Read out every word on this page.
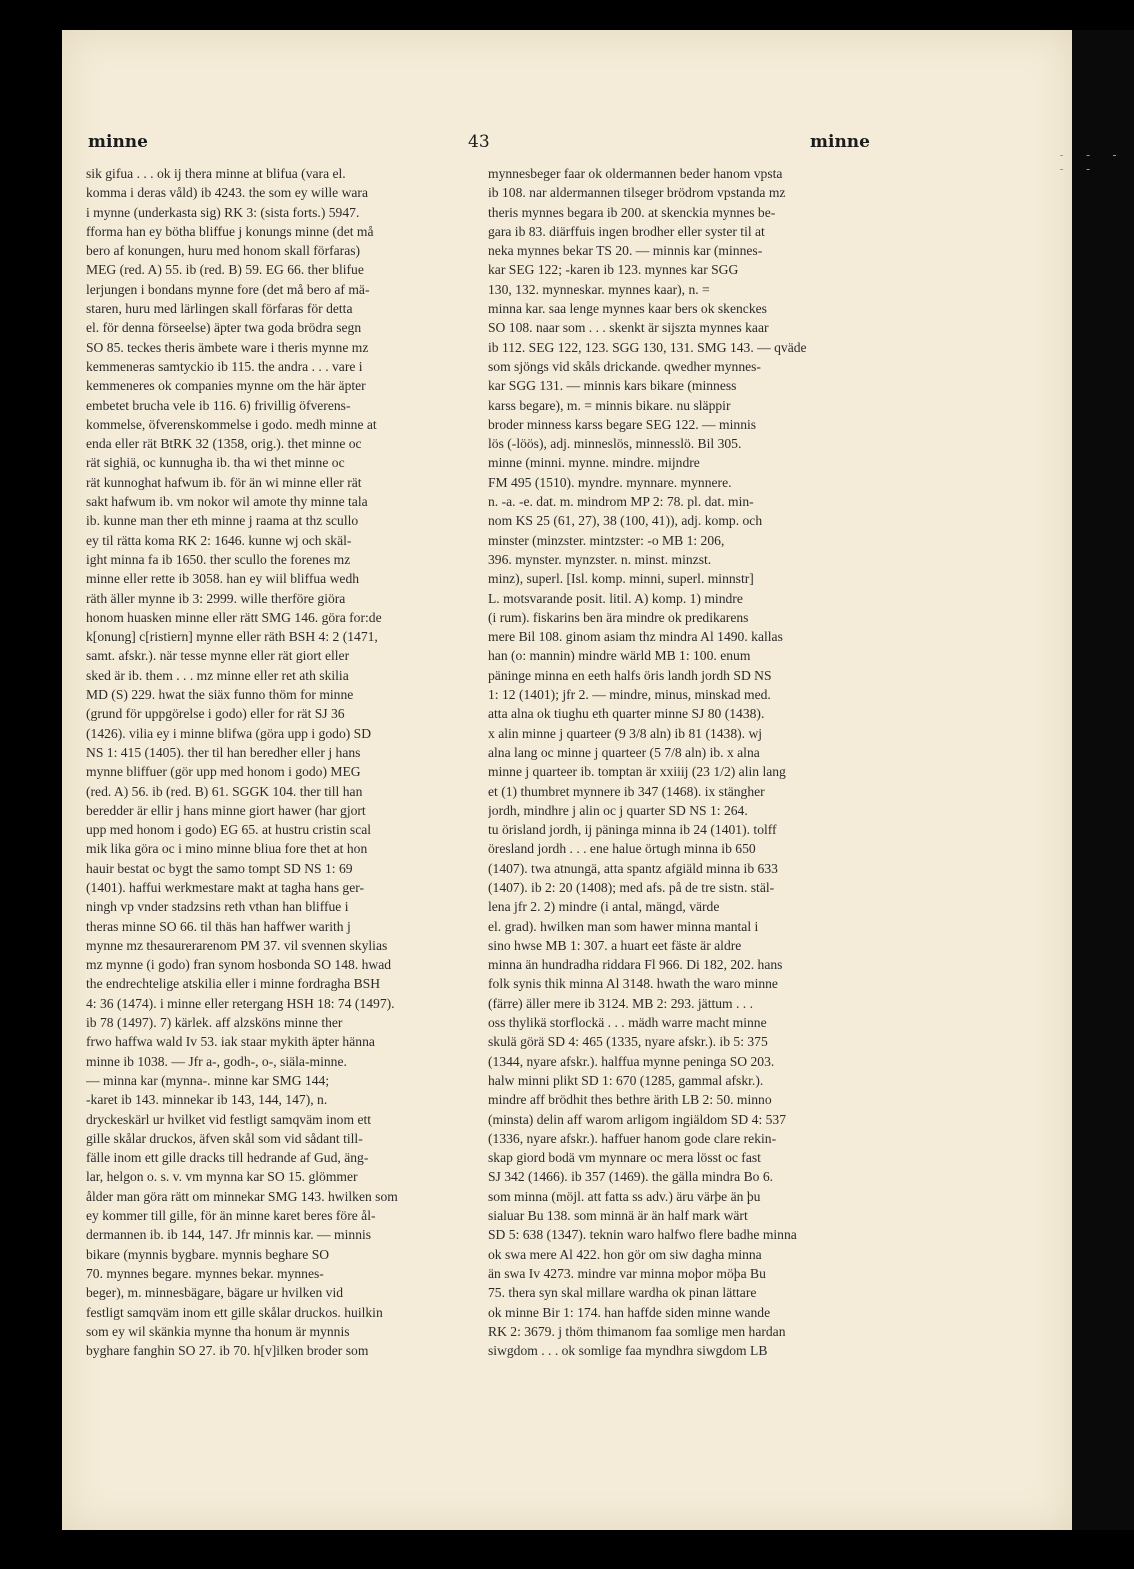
- - - - -
minne	43	minne
sik gifua . . . ok ij thera minne at blifua (vara el.
komma i deras våld) ib 4243. the som ey wille wara
i mynne (underkasta sig) RK 3: (sista forts.) 5947.
fforma han ey bötha bliffue j konungs minne (det må
bero af konungen, huru med honom skall förfaras)
MEG (red. A) 55. ib (red. B) 59. EG 66. ther blifue
lerjungen i bondans mynne fore (det må bero af mä-
staren, huru med lärlingen skall förfaras för detta
el. för denna förseelse) äpter twa goda brödra segn
SO 85. teckes theris ämbete ware i theris mynne mz
kemmeneras samtyckio ib 115. the andra . . . vare i
kemmeneres ok companies mynne om the här äpter
embetet brucha vele ib 116. 6) frivillig öfverens-
kommelse, öfverenskommelse i godo. medh minne at
enda eller rät BtRK 32 (1358, orig.). thet minne oc
rät sighiä, oc kunnugha ib. tha wi thet minne oc
rät kunnoghat hafwum ib. för än wi minne eller rät
sakt hafwum ib. vm nokor wil amote thy minne tala
ib. kunne man ther eth minne j raama at thz scullo
ey til rätta koma RK 2: 1646. kunne wj och skäl-
ight minna fa ib 1650. ther scullo the forenes mz
minne eller rette ib 3058. han ey wiil bliffua wedh
räth äller mynne ib 3: 2999. wille therföre giöra
honom huasken minne eller rätt SMG 146. göra for:de
k[onung] c[ristiern] mynne eller räth BSH 4: 2 (1471,
samt. afskr.). när tesse mynne eller rät giort eller
sked är ib. them . . . mz minne eller ret ath skilia
MD (S) 229. hwat the siäx funno thöm for minne
(grund för uppgörelse i godo) eller for rät SJ 36
(1426). vilia ey i minne blifwa (göra upp i godo) SD
NS 1: 415 (1405). ther til han beredher eller j hans
mynne bliffuer (gör upp med honom i godo) MEG
(red. A) 56. ib (red. B) 61. SGGK 104. ther till han
beredder är ellir j hans minne giort hawer (har gjort
upp med honom i godo) EG 65. at hustru cristin scal
mik lika göra oc i mino minne bliua fore thet at hon
hauir bestat oc bygt the samo tompt SD NS 1: 69
(1401). haffui werkmestare makt at tagha hans ger-
ningh vp vnder stadzsins reth vthan han bliffue i
theras minne SO 66. til thäs han haffwer warith j
mynne mz thesaurerarenom PM 37. vil svennen skylias
mz mynne (i godo) fran synom hosbonda SO 148. hwad
the endrechtelige atskilia eller i minne fordragha BSH
4: 36 (1474). i minne eller retergang HSH 18: 74 (1497).
ib 78 (1497). 7) kärlek. aff alzsköns minne ther
frwo haffwa wald Iv 53. iak staar mykith äpter hänna
minne ib 1038. — Jfr a-, godh-, o-, siäla-minne.
— minna kar (mynna-. minne kar SMG 144;
-karet ib 143. minnekar ib 143, 144, 147), n.
dryckeskärl ur hvilket vid festligt samqväm inom ett
gille skålar druckos, äfven skål som vid sådant till-
fälle inom ett gille dracks till hedrande af Gud, äng-
lar, helgon o. s. v. vm mynna kar SO 15. glömmer
ålder man göra rätt om minnekar SMG 143. hwilken som
ey kommer till gille, för än minne karet beres före ål-
dermannen ib. ib 144, 147. Jfr minnis kar. — minnis
bikare (mynnis bygbare. mynnis beghare SO
70. mynnes begare. mynnes bekar. mynnes-
beger), m. minnesbägare, bägare ur hvilken vid
festligt samqväm inom ett gille skålar druckos. huilkin
som ey wil skänkia mynne tha honum är mynnis
byghare fanghin SO 27. ib 70. h[v]ilken broder som
mynnesbeger faar ok oldermannen beder hanom vpsta
ib 108. nar aldermannen tilseger brödrom vpstanda mz
theris mynnes begara ib 200. at skenckia mynnes be-
gara ib 83. diärffuis ingen brodher eller syster til at
neka mynnes bekar TS 20. — minnis kar (minnes-
kar SEG 122; -karen ib 123. mynnes kar SGG
130, 132. mynneskar. mynnes kaar), n. =
minna kar. saa lenge mynnes kaar bers ok skenckes
SO 108. naar som . . . skenkt är sijszta mynnes kaar
ib 112. SEG 122, 123. SGG 130, 131. SMG 143. — qväde
som sjöngs vid skåls drickande. qwedher mynnes-
kar SGG 131. — minnis kars bikare (minness
karss begare), m. = minnis bikare. nu släppir
broder minness karss begare SEG 122. — minnis
lös (-löös), adj. minneslös, minnesslö. Bil 305.
minne (minni. mynne. mindre. mijndre
FM 495 (1510). myndre. mynnare. mynnere.
n. -a. -e. dat. m. mindrom MP 2: 78. pl. dat. min-
nom KS 25 (61, 27), 38 (100, 41)), adj. komp. och
minster (minzster. mintzster: -o MB 1: 206,
396. mynster. mynzster. n. minst. minzst.
minz), superl. [Isl. komp. minni, superl. minnstr]
L. motsvarande posit. litil. A) komp. 1) mindre
(i rum). fiskarins ben ära mindre ok predikarens
mere Bil 108. ginom asiam thz mindra Al 1490. kallas
han (o: mannin) mindre wärld MB 1: 100. enum
päninge minna en eeth halfs öris landh jordh SD NS
1: 12 (1401); jfr 2. — mindre, minus, minskad med.
atta alna ok tiughu eth quarter minne SJ 80 (1438).
x alin minne j quarteer (9 3/8 aln) ib 81 (1438). wj
alna lang oc minne j quarteer (5 7/8 aln) ib. x alna
minne j quarteer ib. tomptan är xxiiij (23 1/2) alin lang
et (1) thumbret mynnere ib 347 (1468). ix stängher
jordh, mindhre j alin oc j quarter SD NS 1: 264.
tu örisland jordh, ij päninga minna ib 24 (1401). tolff
öresland jordh . . . ene halue örtugh minna ib 650
(1407). twa atnungä, atta spantz afgiäld minna ib 633
(1407). ib 2: 20 (1408); med afs. på de tre sistn. stäl-
lena jfr 2. 2) mindre (i antal, mängd, värde
el. grad). hwilken man som hawer minna mantal i
sino hwse MB 1: 307. a huart eet fäste är aldre
minna än hundradha riddara Fl 966. Di 182, 202. hans
folk synis thik minna Al 3148. hwath the waro minne
(färre) äller mere ib 3124. MB 2: 293. jättum . . .
oss thylikä storflockä . . . mädh warre macht minne
skulä görä SD 4: 465 (1335, nyare afskr.). ib 5: 375
(1344, nyare afskr.). halffua mynne peninga SO 203.
halw minni plikt SD 1: 670 (1285, gammal afskr.).
mindre aff brödhit thes bethre ärith LB 2: 50. minno
(minsta) delin aff warom arligom ingiäldom SD 4: 537
(1336, nyare afskr.). haffuer hanom gode clare rekin-
skap giord bodä vm mynnare oc mera lösst oc fast
SJ 342 (1466). ib 357 (1469). the gälla mindra Bo 6.
som minna (möjl. att fatta ss adv.) äru värþe än þu
sialuar Bu 138. som minnä är än half mark wärt
SD 5: 638 (1347). teknin waro halfwo flere badhe minna
ok swa mere Al 422. hon gör om siw dagha minna
än swa Iv 4273. mindre var minna moþor möþa Bu
75. thera syn skal millare wardha ok pinan lättare
ok minne Bir 1: 174. han haffde siden minne wande
RK 2: 3679. j thöm thimanom faa somlige men hardan
siwgdom . . . ok somlige faa myndhra siwgdom LB
